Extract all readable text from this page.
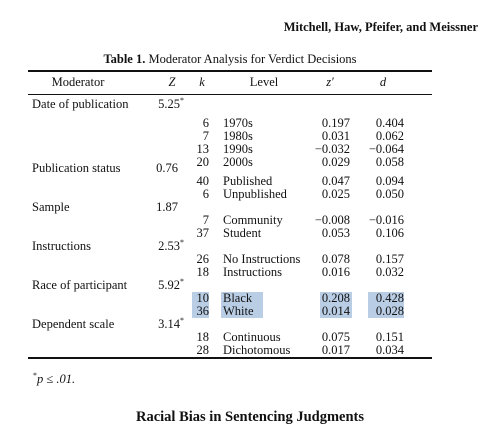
Mitchell, Haw, Pfeifer, and Meissner
Table 1. Moderator Analysis for Verdict Decisions
Moderator	Z	k	Level	z′	d
Date of publication	5.25*
6 1970s	0.197	0.404
7 1980s	0.031	0.062
13 1990s	−0.032	−0.064
20 2000s	0.029	0.058
Publication status	0.76
40 Published	0.047	0.094
6 Unpublished	0.025	0.050
Sample	1.87
7 Community	−0.008	−0.016
37 Student	0.053	0.106
Instructions	2.53*
26 No Instructions	0.078	0.157
18 Instructions	0.016	0.032
Race of participant	5.92*
10 Black	0.208	0.428
36 White	0.014	0.028
Dependent scale	3.14*
18 Continuous	0.075	0.151
28 Dichotomous	0.017	0.034
*p ≤ .01.
Racial Bias in Sentencing Judgments
